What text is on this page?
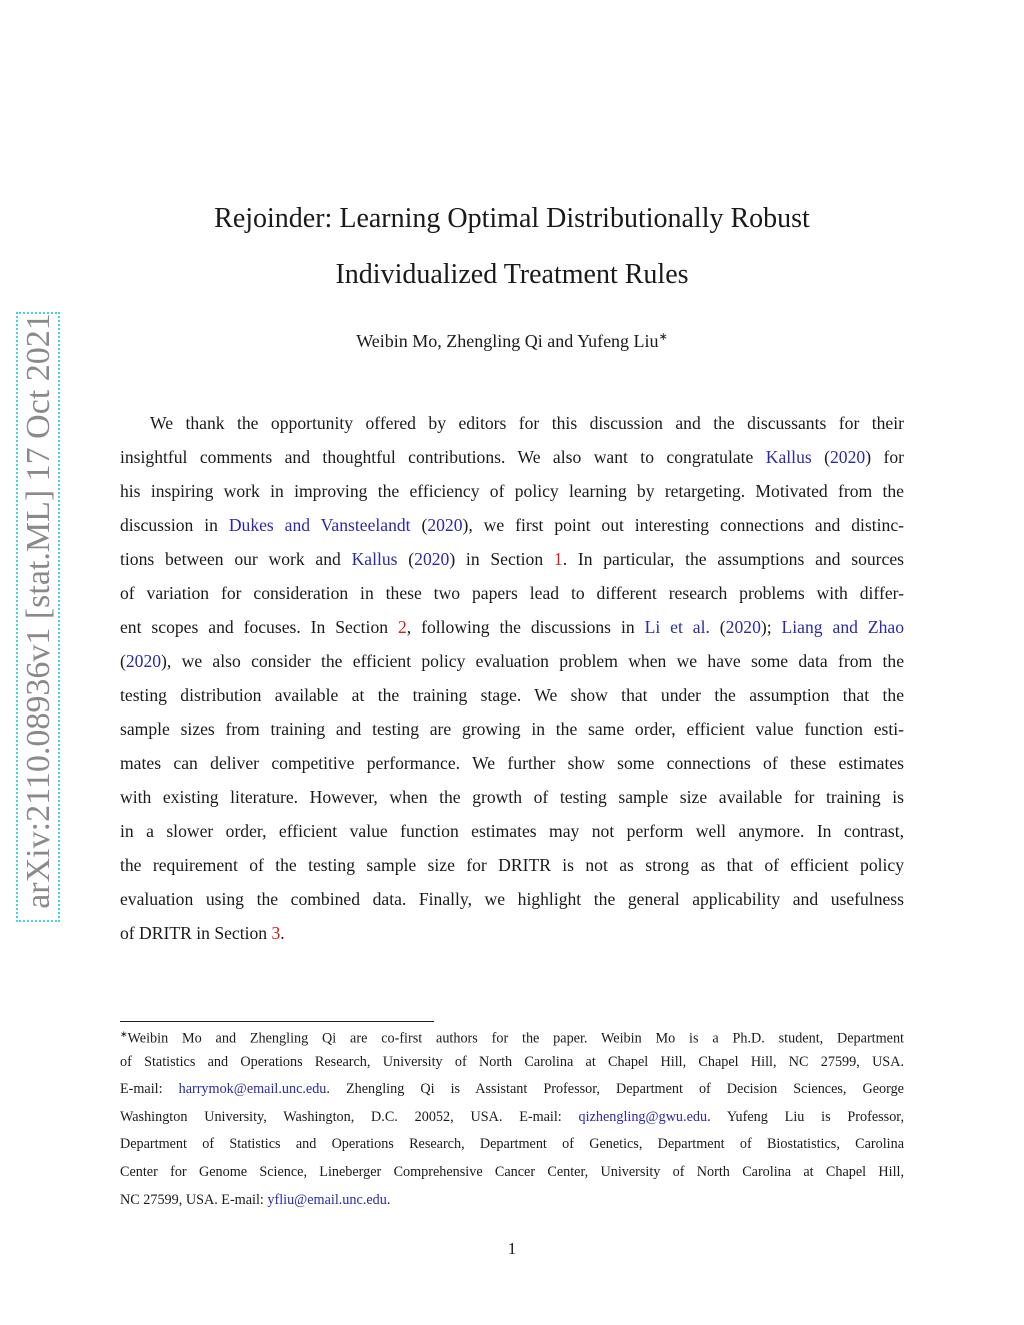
arXiv:2110.08936v1 [stat.ML] 17 Oct 2021
Rejoinder: Learning Optimal Distributionally Robust
Individualized Treatment Rules
Weibin Mo, Zhengling Qi and Yufeng Liu∗
We thank the opportunity offered by editors for this discussion and the discussants for their
insightful comments and thoughtful contributions. We also want to congratulate Kallus (2020) for
his inspiring work in improving the efficiency of policy learning by retargeting. Motivated from the
discussion in Dukes and Vansteelandt (2020), we first point out interesting connections and distinc-
tions between our work and Kallus (2020) in Section 1. In particular, the assumptions and sources
of variation for consideration in these two papers lead to different research problems with differ-
ent scopes and focuses. In Section 2, following the discussions in Li et al. (2020); Liang and Zhao
(2020), we also consider the efficient policy evaluation problem when we have some data from the
testing distribution available at the training stage. We show that under the assumption that the
sample sizes from training and testing are growing in the same order, efficient value function esti-
mates can deliver competitive performance. We further show some connections of these estimates
with existing literature. However, when the growth of testing sample size available for training is
in a slower order, efficient value function estimates may not perform well anymore. In contrast,
the requirement of the testing sample size for DRITR is not as strong as that of efficient policy
evaluation using the combined data. Finally, we highlight the general applicability and usefulness
of DRITR in Section 3.
∗Weibin Mo and Zhengling Qi are co-first authors for the paper. Weibin Mo is a Ph.D. student, Department
of Statistics and Operations Research, University of North Carolina at Chapel Hill, Chapel Hill, NC 27599, USA.
E-mail: harrymok@email.unc.edu. Zhengling Qi is Assistant Professor, Department of Decision Sciences, George
Washington University, Washington, D.C. 20052, USA. E-mail: qizhengling@gwu.edu. Yufeng Liu is Professor,
Department of Statistics and Operations Research, Department of Genetics, Department of Biostatistics, Carolina
Center for Genome Science, Lineberger Comprehensive Cancer Center, University of North Carolina at Chapel Hill,
NC 27599, USA. E-mail: yfliu@email.unc.edu.
1
